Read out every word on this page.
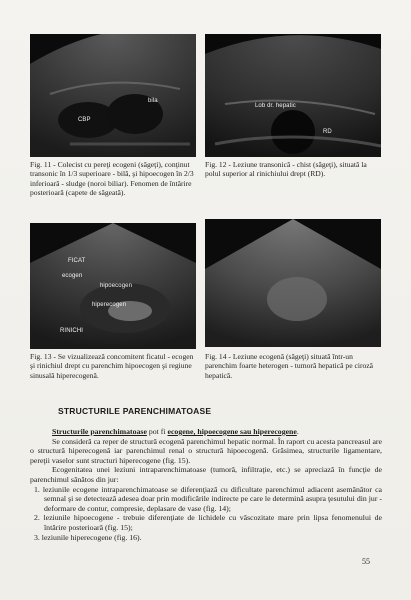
CBP
bila
Lob dr. hepatic
RD
Fig. 11 - Colecist cu pereţi ecogeni (săgeţi), conţinut transonic în 1/3 superioare - bilă, şi hipoecogen în 2/3 inferioară - sludge (noroi biliar). Fenomen de întărire posterioară (capete de săgeată).
Fig. 12 - Leziune transonică - chist (săgeţi), situată la polul superior al rinichiului drept (RD).
FICAT
ecogen
hipoecogen
hiperecogen
RINICHI
Fig. 13 - Se vizualizează concomitent ficatul - ecogen şi rinichiul drept cu parenchim hipoecogen şi regiune sinusală hiperecogenă.
Fig. 14 - Leziune ecogenă (săgeţi) situată într-un parenchim foarte heterogen - tumoră hepatică pe ciroză hepatică.
STRUCTURILE PARENCHIMATOASE

Structurile parenchimatoase pot fi ecogene, hipoecogene sau hiperecogene.

Se consideră ca reper de structură ecogenă parenchimul hepatic normal. În raport cu acesta pancreasul are o structură hiperecogenă iar parenchimul renal o structură hipoecogenă. Grăsimea, structurile ligamentare, pereţii vaselor sunt structuri hiperecogene (fig. 15).

Ecogenitatea unei leziuni intraparenchimatoase (tumoră, infiltraţie, etc.) se apreciază în funcţie de parenchimul sănătos din jur:

1. leziunile ecogene intraparenchimatoase se diferenţiază cu dificultate parenchimul adiacent asemănător ca semnal şi se detectează adesea doar prin modificările indirecte pe care le determină asupra ţesutului din jur - deformare de contur, compresie, deplasare de vase (fig. 14);

2. leziunile hipoecogene - trebuie diferenţiate de lichidele cu vâscozitate mare prin lipsa fenomenului de întărire posterioară (fig. 15);

3. leziunile hiperecogene (fig. 16).

55
